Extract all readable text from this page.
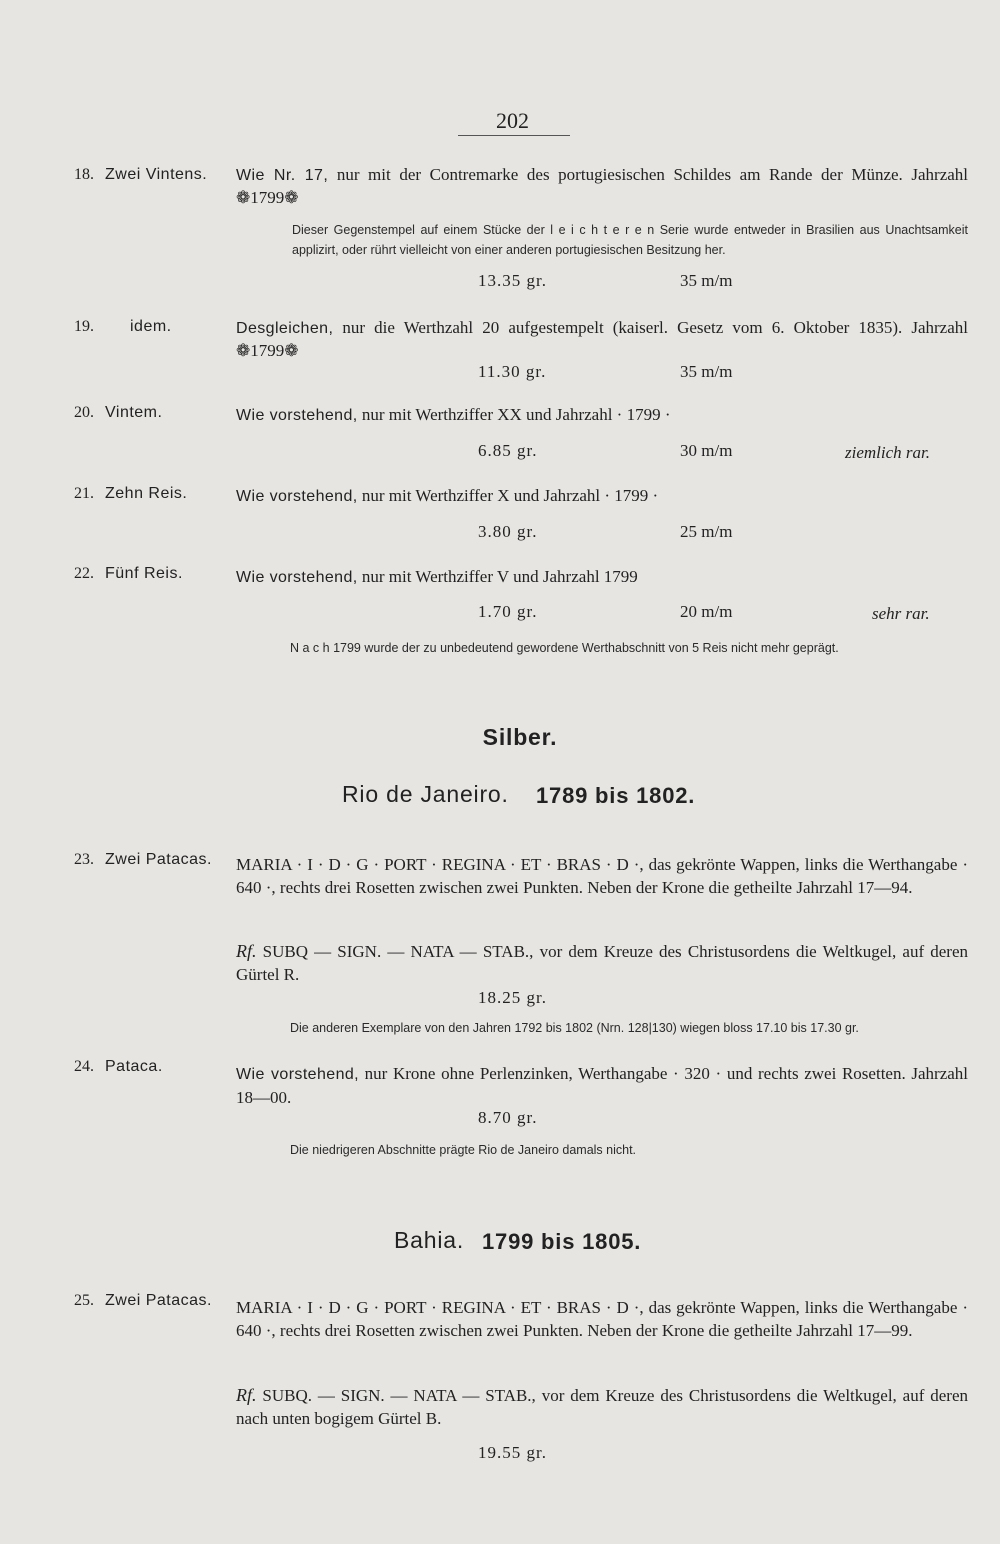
202
18. Zwei Vintens. Wie Nr. 17, nur mit der Contremarke des portugiesischen Schildes am Rande der Münze. Jahrzahl ❁1799❁
Dieser Gegenstempel auf einem Stücke der l e i c h t e r e n Serie wurde entweder in Brasilien aus Unachtsamkeit applizirt, oder rührt vielleicht von einer anderen portugiesischen Besitzung her.
13.35 gr.	35 m/m
19. idem.	Desgleichen, nur die Werthzahl 20 aufgestempelt (kaiserl. Gesetz vom 6. Oktober 1835). Jahrzahl ❁1799❁
11.30 gr.	35 m/m
20. Vintem.	Wie vorstehend, nur mit Werthziffer XX und Jahrzahl · 1799 ·
6.85 gr.	30 m/m	ziemlich rar.
21. Zehn Reis.	Wie vorstehend, nur mit Werthziffer X und Jahrzahl · 1799 ·
3.80 gr.	25 m/m
22. Fünf Reis.	Wie vorstehend, nur mit Werthziffer V und Jahrzahl 1799
1.70 gr.	20 m/m	sehr rar.
N a c h 1799 wurde der zu unbedeutend gewordene Werthabschnitt von 5 Reis nicht mehr geprägt.
Silber.
Rio de Janeiro. 1789 bis 1802.
23. Zwei Patacas. MARIA · I · D · G · PORT · REGINA · ET · BRAS · D ·, das gekrönte Wappen, links die Werthangabe · 640 ·, rechts drei Rosetten zwischen zwei Punkten. Neben der Krone die getheilte Jahrzahl 17—94.
Rf. SUBQ — SIGN. — NATA — STAB., vor dem Kreuze des Christusordens die Weltkugel, auf deren Gürtel R.
18.25 gr.
Die anderen Exemplare von den Jahren 1792 bis 1802 (Nrn. 128|130) wiegen bloss 17.10 bis 17.30 gr.
24. Pataca.	Wie vorstehend, nur Krone ohne Perlenzinken, Werthangabe · 320 · und rechts zwei Rosetten. Jahrzahl 18—00.
8.70 gr.
Die niedrigeren Abschnitte prägte Rio de Janeiro damals nicht.
Bahia. 1799 bis 1805.
25. Zwei Patacas. MARIA · I · D · G · PORT · REGINA · ET · BRAS · D ·, das gekrönte Wappen, links die Werthangabe · 640 ·, rechts drei Rosetten zwischen zwei Punkten. Neben der Krone die getheilte Jahrzahl 17—99.
Rf. SUBQ. — SIGN. — NATA — STAB., vor dem Kreuze des Christusordens die Weltkugel, auf deren nach unten bogigem Gürtel B.
19.55 gr.
